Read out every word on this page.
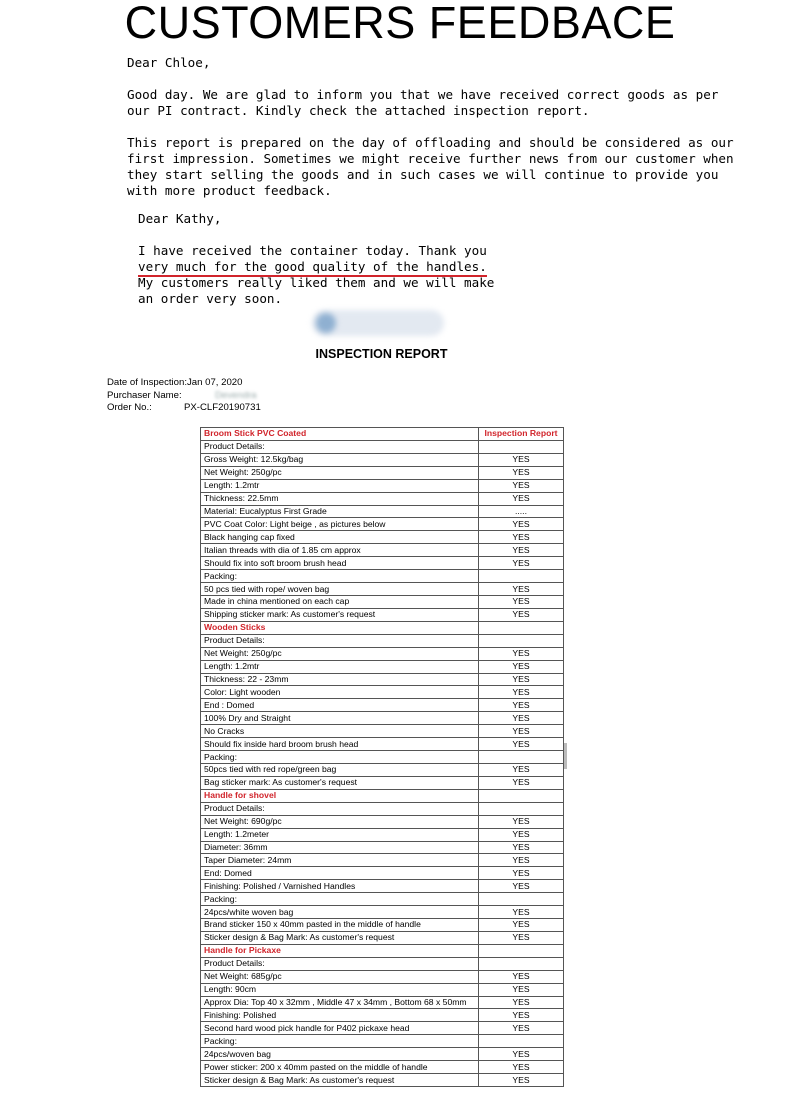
CUSTOMERS FEEDBACE

Dear Chloe,

Good day. We are glad to inform you that we have received correct goods as per our PI contract. Kindly check the attached inspection report.

This report is prepared on the day of offloading and should be considered as our first impression. Sometimes we might receive further news from our customer when they start selling the goods and in such cases we will continue to provide you with more product feedback.

Dear Kathy,

I have received the container today. Thank you
very much for the good quality of the handles.
My customers really liked them and we will make
an order very soon.
INSPECTION REPORT
Date of Inspection: Jan 07, 2020
Purchaser Name:	Devendra
Order No.:	PX-CLF20190731
Broom Stick PVC Coated	Inspection Report
Product Details:	
Gross Weight: 12.5kg/bag	YES
Net Weight: 250g/pc	YES
Length: 1.2mtr	YES
Thickness: 22.5mm	YES
Material: Eucalyptus First Grade	.....
PVC Coat Color: Light beige , as pictures below	YES
Black hanging cap fixed	YES
Italian threads with dia of 1.85 cm approx	YES
Should fix into soft broom brush head	YES
Packing:	
50 pcs tied with rope/ woven bag	YES
Made in china mentioned on each cap	YES
Shipping sticker mark: As customer's request	YES
Wooden Sticks	
Product Details:	
Net Weight: 250g/pc	YES
Length: 1.2mtr	YES
Thickness: 22 - 23mm	YES
Color: Light wooden	YES
End : Domed	YES
100% Dry and Straight	YES
No Cracks	YES
Should fix inside hard broom brush head	YES
Packing:	
50pcs tied with red rope/green bag	YES
Bag sticker mark: As customer's request	YES
Handle for shovel	
Product Details:	
Net Weight: 690g/pc	YES
Length: 1.2meter	YES
Diameter: 36mm	YES
Taper Diameter: 24mm	YES
End: Domed	YES
Finishing: Polished / Varnished Handles	YES
Packing:	
24pcs/white woven bag	YES
Brand sticker 150 x 40mm pasted in the middle of handle	YES
Sticker design & Bag Mark: As customer's request	YES
Handle for Pickaxe	
Product Details:	
Net Weight: 685g/pc	YES
Length: 90cm	YES
Approx Dia: Top 40 x 32mm , Middle 47 x 34mm , Bottom 68 x 50mm	YES
Finishing: Polished	YES
Second hard wood pick handle for P402 pickaxe head	YES
Packing:	
24pcs/woven bag	YES
Power sticker: 200 x 40mm pasted on the middle of handle	YES
Sticker design & Bag Mark: As customer's request	YES
